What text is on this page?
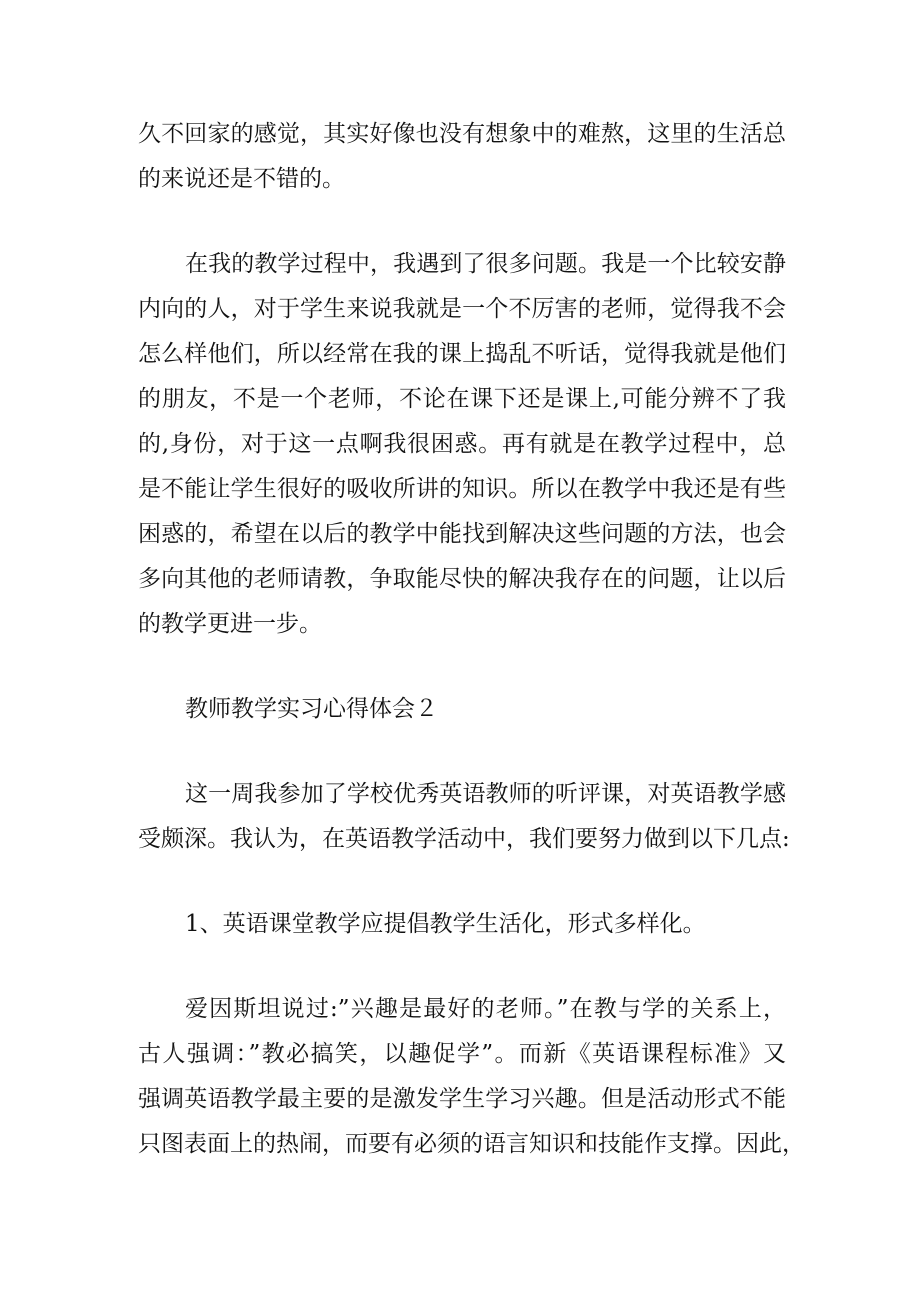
久不回家的感觉，其实好像也没有想象中的难熬，这里的生活总
的来说还是不错的。
在我的教学过程中，我遇到了很多问题。我是一个比较安静
内向的人，对于学生来说我就是一个不厉害的老师，觉得我不会
怎么样他们，所以经常在我的课上捣乱不听话，觉得我就是他们
的朋友，不是一个老师，不论在课下还是课上,可能分辨不了我
的,身份，对于这一点啊我很困惑。再有就是在教学过程中，总
是不能让学生很好的吸收所讲的知识。所以在教学中我还是有些
困惑的，希望在以后的教学中能找到解决这些问题的方法，也会
多向其他的老师请教，争取能尽快的解决我存在的问题，让以后
的教学更进一步。
教师教学实习心得体会２
这一周我参加了学校优秀英语教师的听评课，对英语教学感
受颇深。我认为，在英语教学活动中，我们要努力做到以下几点:
1、英语课堂教学应提倡教学生活化，形式多样化。
爱因斯坦说过:”兴趣是最好的老师。”在教与学的关系上，
古人强调：”教必搞笑，以趣促学”。而新《英语课程标准》又
强调英语教学最主要的是激发学生学习兴趣。但是活动形式不能
只图表面上的热闹，而要有必须的语言知识和技能作支撑。因此，
